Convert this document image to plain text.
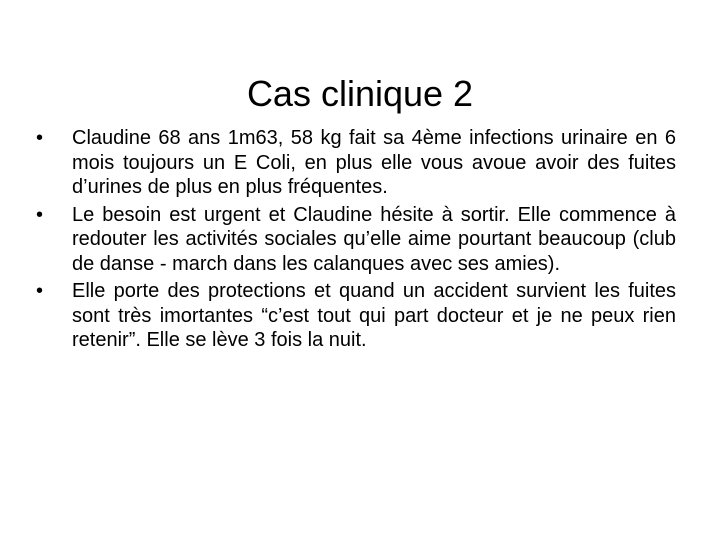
Cas clinique 2
•	Claudine 68 ans 1m63, 58 kg fait sa 4ème infections urinaire en 6 mois toujours un E Coli, en plus elle vous avoue avoir des fuites d’urines de plus en plus fréquentes.
•	Le besoin est urgent et Claudine hésite à sortir. Elle commence à redouter les activités sociales qu’elle aime pourtant beaucoup (club de danse - march dans les calanques avec ses amies).
•	Elle porte des protections et quand un accident survient les fuites sont très imortantes “c’est tout qui part docteur et je ne peux rien retenir”. Elle se lève 3 fois la nuit.
